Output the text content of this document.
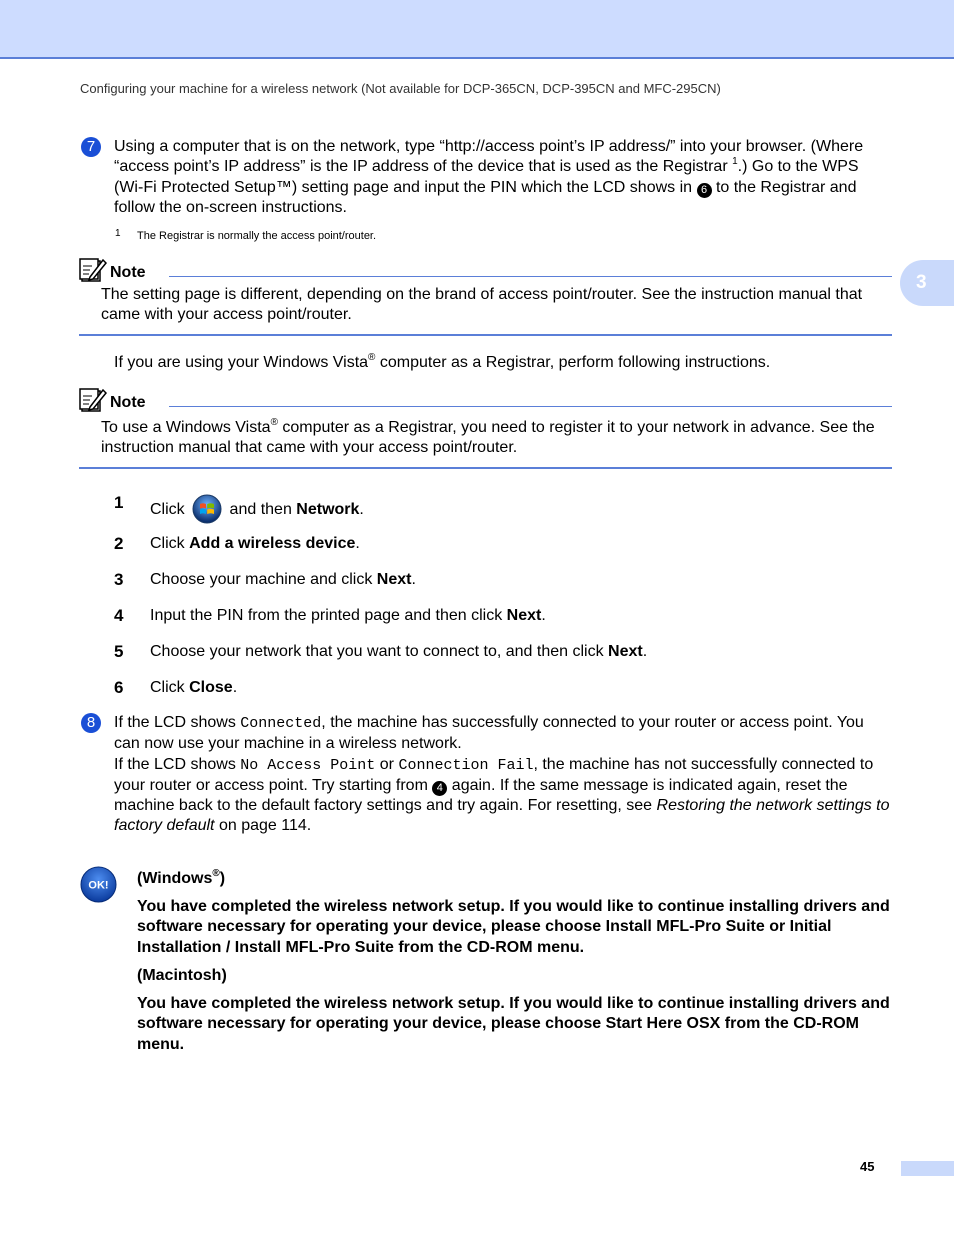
Configuring your machine for a wireless network (Not available for DCP-365CN, DCP-395CN and MFC-295CN)
3
7	Using a computer that is on the network, type “http://access point’s IP address/” into your browser. (Where “access point’s IP address” is the IP address of the device that is used as the Registrar $^1$.) Go to the WPS (Wi-Fi Protected Setup™) setting page and input the PIN which the LCD shows in 6 to the Registrar and follow the on-screen instructions.
1 The Registrar is normally the access point/router.
Note
The setting page is different, depending on the brand of access point/router. See the instruction manual that came with your access point/router.
If you are using your Windows Vista® computer as a Registrar, perform following instructions.
Note
To use a Windows Vista® computer as a Registrar, you need to register it to your network in advance. See the instruction manual that came with your access point/router.
1 Click  and then Network.
2 Click Add a wireless device.
3 Choose your machine and click Next.
4 Input the PIN from the printed page and then click Next.
5 Choose your network that you want to connect to, and then click Next.
6 Click Close.
8	If the LCD shows Connected, the machine has successfully connected to your router or access point. You can now use your machine in a wireless network.
If the LCD shows No Access Point or Connection Fail, the machine has not successfully connected to your router or access point. Try starting from 4 again. If the same message is indicated again, reset the machine back to the default factory settings and try again. For resetting, see Restoring the network settings to factory default on page 114.
OK! (Windows®)
You have completed the wireless network setup. If you would like to continue installing drivers and software necessary for operating your device, please choose Install MFL-Pro Suite or Initial Installation / Install MFL-Pro Suite from the CD-ROM menu.
(Macintosh)
You have completed the wireless network setup. If you would like to continue installing drivers and software necessary for operating your device, please choose Start Here OSX from the CD-ROM menu.
45
